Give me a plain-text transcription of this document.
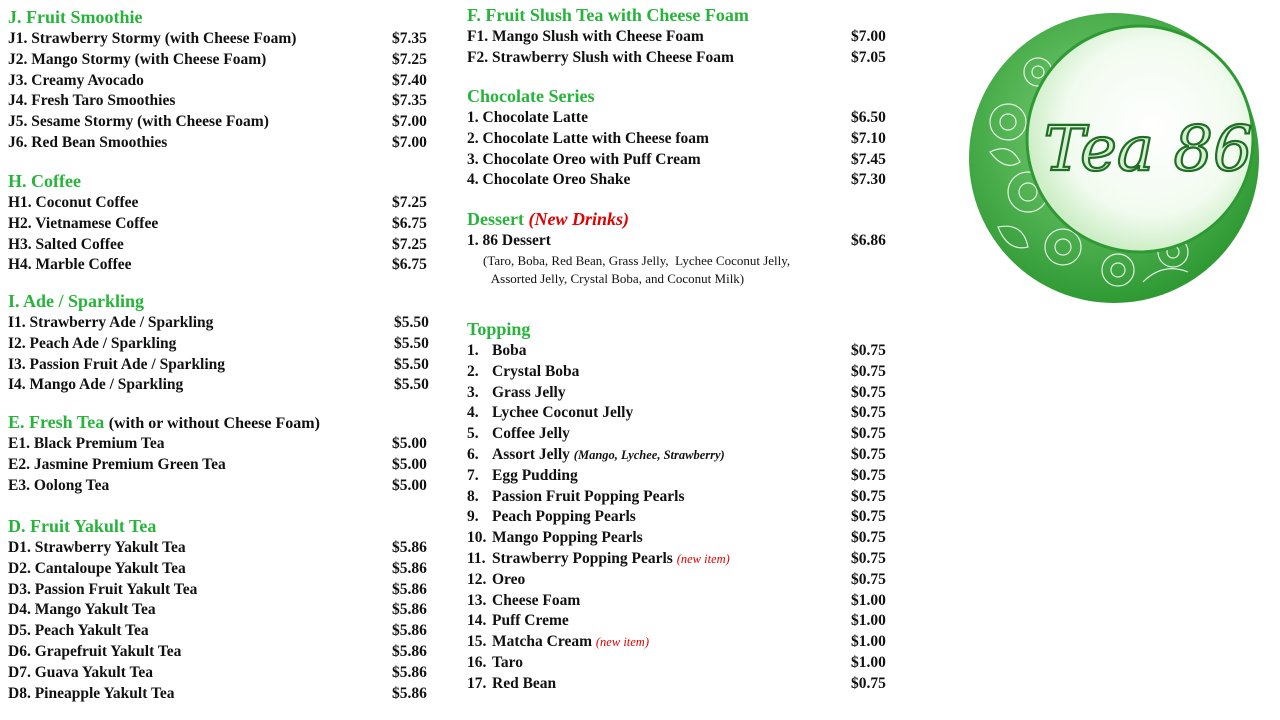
J. Fruit Smoothie
J1. Strawberry Stormy (with Cheese Foam)	$7.35
J2. Mango Stormy (with Cheese Foam)	$7.25
J3. Creamy Avocado	$7.40
J4. Fresh Taro Smoothies	$7.35
J5. Sesame Stormy (with Cheese Foam)	$7.00
J6. Red Bean Smoothies	$7.00
H. Coffee
H1. Coconut Coffee	$7.25
H2. Vietnamese Coffee	$6.75
H3. Salted Coffee	$7.25
H4. Marble Coffee	$6.75
I. Ade / Sparkling
I1. Strawberry Ade / Sparkling	$5.50
I2. Peach Ade / Sparkling	$5.50
I3. Passion Fruit Ade / Sparkling	$5.50
I4. Mango Ade / Sparkling	$5.50
E. Fresh Tea (with or without Cheese Foam)
E1. Black Premium Tea	$5.00
E2. Jasmine Premium Green Tea	$5.00
E3. Oolong Tea	$5.00
D. Fruit Yakult Tea
D1. Strawberry Yakult Tea	$5.86
D2. Cantaloupe Yakult Tea	$5.86
D3. Passion Fruit Yakult Tea	$5.86
D4. Mango Yakult Tea	$5.86
D5. Peach Yakult Tea	$5.86
D6. Grapefruit Yakult Tea	$5.86
D7. Guava Yakult Tea	$5.86
D8. Pineapple Yakult Tea	$5.86
F. Fruit Slush Tea with Cheese Foam
F1. Mango Slush with Cheese Foam	$7.00
F2. Strawberry Slush with Cheese Foam	$7.05
Chocolate Series
1. Chocolate Latte	$6.50
2. Chocolate Latte with Cheese foam	$7.10
3. Chocolate Oreo with Puff Cream	$7.45
4. Chocolate Oreo Shake	$7.30
Dessert (New Drinks)
1. 86 Dessert	$6.86
(Taro, Boba, Red Bean, Grass Jelly,  Lychee Coconut Jelly,
Assorted Jelly, Crystal Boba, and Coconut Milk)
Topping
1. Boba	$0.75
2. Crystal Boba	$0.75
3. Grass Jelly	$0.75
4. Lychee Coconut Jelly	$0.75
5. Coffee Jelly	$0.75
6. Assort Jelly (Mango, Lychee, Strawberry)	$0.75
7. Egg Pudding	$0.75
8. Passion Fruit Popping Pearls	$0.75
9. Peach Popping Pearls	$0.75
10. Mango Popping Pearls	$0.75
11. Strawberry Popping Pearls (new item)	$0.75
12. Oreo	$0.75
13. Cheese Foam	$1.00
14. Puff Creme	$1.00
15. Matcha Cream (new item)	$1.00
16. Taro	$1.00
17. Red Bean	$0.75
Tea 86
